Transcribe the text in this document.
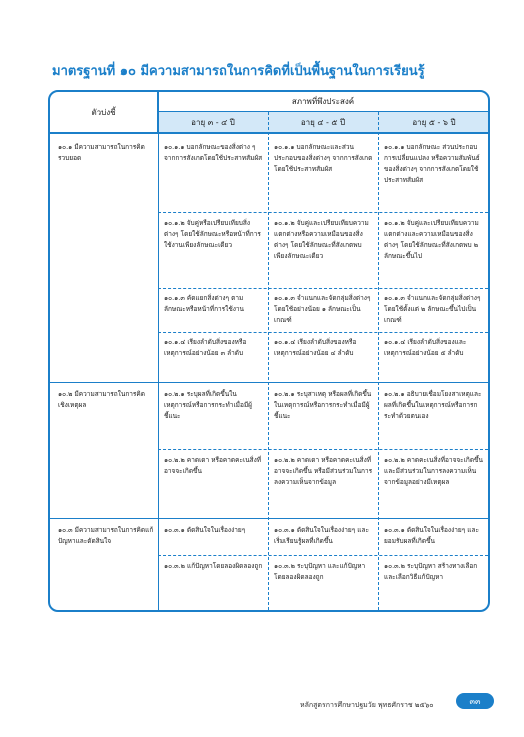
มาตรฐานที่ ๑๐ มีความสามารถในการคิดที่เป็นพื้นฐานในการเรียนรู้
ตัวบ่งชี้
สภาพที่พึงประสงค์
อายุ ๓ - ๔ ปี	อายุ ๔ - ๕ ปี	อายุ ๕ - ๖ ปี
๑๐.๑ มีความสามารถในการคิดรวบยอด
๑๐.๑.๑ บอกลักษณะของสิ่งต่าง ๆ จากการสังเกตโดยใช้ประสาทสัมผัส
๑๐.๑.๑ บอกลักษณะและส่วนประกอบของสิ่งต่างๆ จากการสังเกตโดยใช้ประสาทสัมผัส
๑๐.๑.๑ บอกลักษณะ ส่วนประกอบ การเปลี่ยนแปลง หรือความสัมพันธ์ของสิ่งต่างๆ จากการสังเกตโดยใช้ประสาทสัมผัส
๑๐.๑.๒ จับคู่หรือเปรียบเทียบสิ่งต่างๆ โดยใช้ลักษณะหรือหน้าที่การใช้งานเพียงลักษณะเดียว
๑๐.๑.๒ จับคู่และเปรียบเทียบความแตกต่างหรือความเหมือนของสิ่งต่างๆ โดยใช้ลักษณะที่สังเกตพบเพียงลักษณะเดียว
๑๐.๑.๒ จับคู่และเปรียบเทียบความแตกต่างและความเหมือนของสิ่งต่างๆ โดยใช้ลักษณะที่สังเกตพบ ๒ ลักษณะขึ้นไป
๑๐.๑.๓ คัดแยกสิ่งต่างๆ ตามลักษณะหรือหน้าที่การใช้งาน
๑๐.๑.๓ จำแนกและจัดกลุ่มสิ่งต่างๆ โดยใช้อย่างน้อย ๑ ลักษณะเป็นเกณฑ์
๑๐.๑.๓ จำแนกและจัดกลุ่มสิ่งต่างๆ โดยใช้ตั้งแต่ ๒ ลักษณะขึ้นไปเป็นเกณฑ์
๑๐.๑.๔ เรียงลำดับสิ่งของหรือเหตุการณ์อย่างน้อย ๓ ลำดับ
๑๐.๑.๔ เรียงลำดับสิ่งของหรือเหตุการณ์อย่างน้อย ๔ ลำดับ
๑๐.๑.๔ เรียงลำดับสิ่งของและเหตุการณ์อย่างน้อย ๕ ลำดับ
๑๐.๒ มีความสามารถในการคิดเชิงเหตุผล
๑๐.๒.๑ ระบุผลที่เกิดขึ้นในเหตุการณ์หรือการกระทำเมื่อมีผู้ชี้แนะ
๑๐.๒.๑ ระบุสาเหตุ หรือผลที่เกิดขึ้นในเหตุการณ์หรือการกระทำเมื่อมีผู้ชี้แนะ
๑๐.๒.๑ อธิบายเชื่อมโยงสาเหตุและผลที่เกิดขึ้นในเหตุการณ์หรือการกระทำด้วยตนเอง
๑๐.๒.๒ คาดเดา หรือคาดคะเนสิ่งที่อาจจะเกิดขึ้น
๑๐.๒.๒ คาดเดา หรือคาดคะเนสิ่งที่อาจจะเกิดขึ้น หรือมีส่วนร่วมในการลงความเห็นจากข้อมูล
๑๐.๒.๒ คาดคะเนสิ่งที่อาจจะเกิดขึ้น และมีส่วนร่วมในการลงความเห็นจากข้อมูลอย่างมีเหตุผล
๑๐.๓ มีความสามารถในการคิดแก้ปัญหาและตัดสินใจ
๑๐.๓.๑ ตัดสินใจในเรื่องง่ายๆ	๑๐.๓.๑ ตัดสินใจในเรื่องง่ายๆ และเริ่มเรียนรู้ผลที่เกิดขึ้น
๑๐.๓.๑ ตัดสินใจในเรื่องง่ายๆ และยอมรับผลที่เกิดขึ้น
๑๐.๓.๒ แก้ปัญหาโดยลองผิดลองถูก ๑๐.๓.๒ ระบุปัญหา และแก้ปัญหาโดยลองผิดลองถูก
๑๐.๓.๒ ระบุปัญหา สร้างทางเลือกและเลือกวิธีแก้ปัญหา
หลักสูตรการศึกษาปฐมวัย พุทธศักราช ๒๕๖๐	๓๓
